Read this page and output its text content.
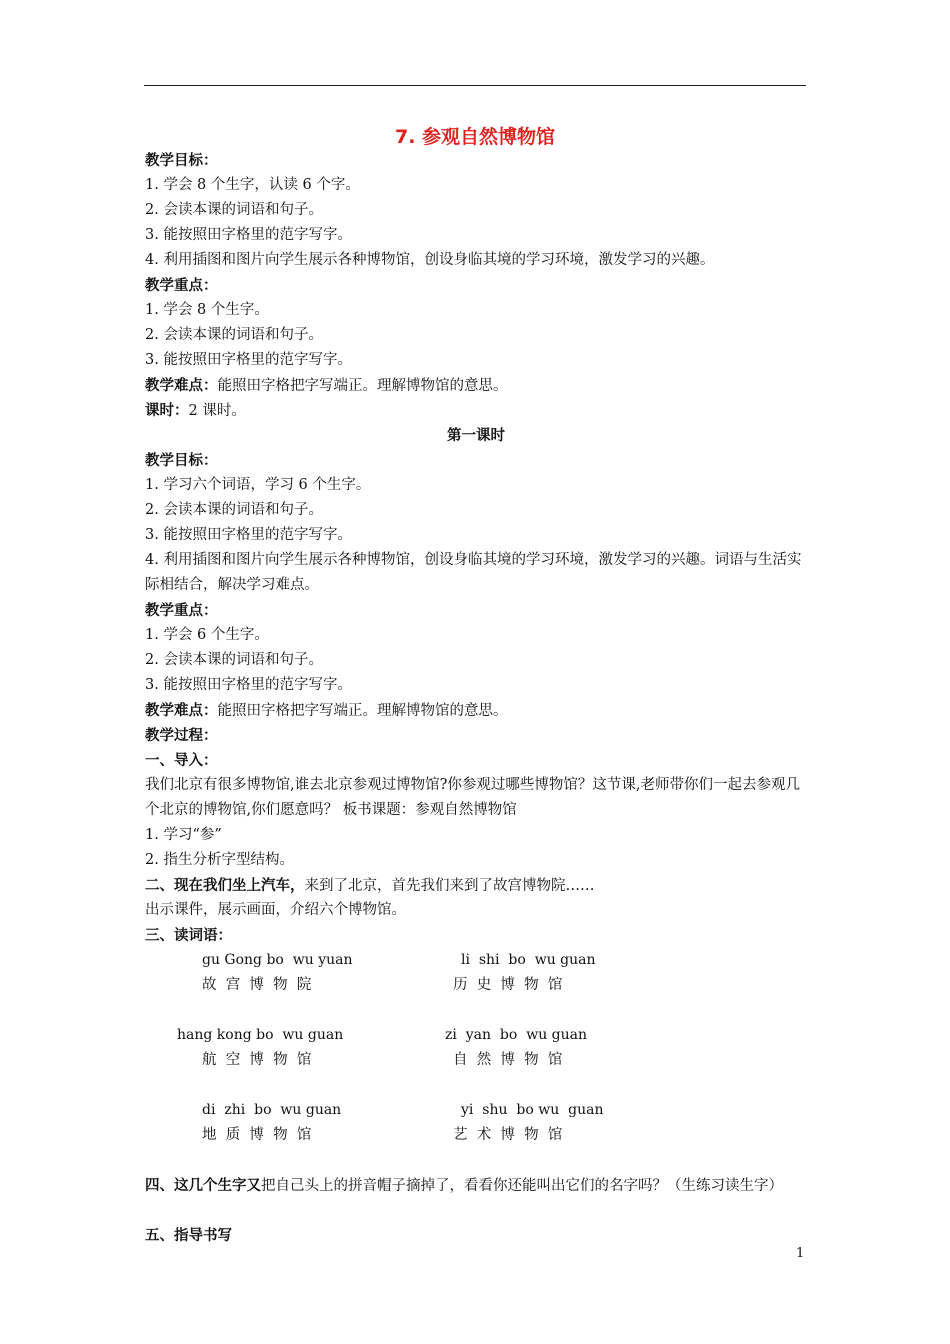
7. 参观自然博物馆
教学目标：
1. 学会 8 个生字，认读 6 个字。
2. 会读本课的词语和句子。
3. 能按照田字格里的范字写字。
4. 利用插图和图片向学生展示各种博物馆，创设身临其境的学习环境，激发学习的兴趣。
教学重点：
1. 学会 8 个生字。
2. 会读本课的词语和句子。
3. 能按照田字格里的范字写字。
教学难点：能照田字格把字写端正。理解博物馆的意思。
课时：2 课时。
第一课时
教学目标：
1. 学习六个词语，学习 6 个生字。
2. 会读本课的词语和句子。
3. 能按照田字格里的范字写字。
4. 利用插图和图片向学生展示各种博物馆，创设身临其境的学习环境，激发学习的兴趣。词语与生活实际相结合，解决学习难点。
教学重点：
1. 学会 6 个生字。
2. 会读本课的词语和句子。
3. 能按照田字格里的范字写字。
教学难点：能照田字格把字写端正。理解博物馆的意思。
教学过程：
一、导入：
我们北京有很多博物馆,谁去北京参观过博物馆?你参观过哪些博物馆？这节课,老师带你们一起去参观几个北京的博物馆,你们愿意吗？ 板书课题：参观自然博物馆
1. 学习“参”
2. 指生分析字型结构。
二、现在我们坐上汽车，来到了北京，首先我们来到了故宫博物院……
出示课件，展示画面，介绍六个博物馆。
三、读词语：
gu Gong bo  wu yuan
故  宫  博  物  院
li  shi  bo  wu guan
历  史  博  物  馆
hang kong bo  wu guan
航  空  博  物  馆
zi  yan  bo  wu guan
自  然  博  物  馆
di  zhi  bo  wu guan
地  质  博  物  馆
yi  shu  bo wu  guan
艺  术  博  物  馆
四、这几个生字又把自己头上的拼音帽子摘掉了，看看你还能叫出它们的名字吗？（生练习读生字）
五、指导书写
1
